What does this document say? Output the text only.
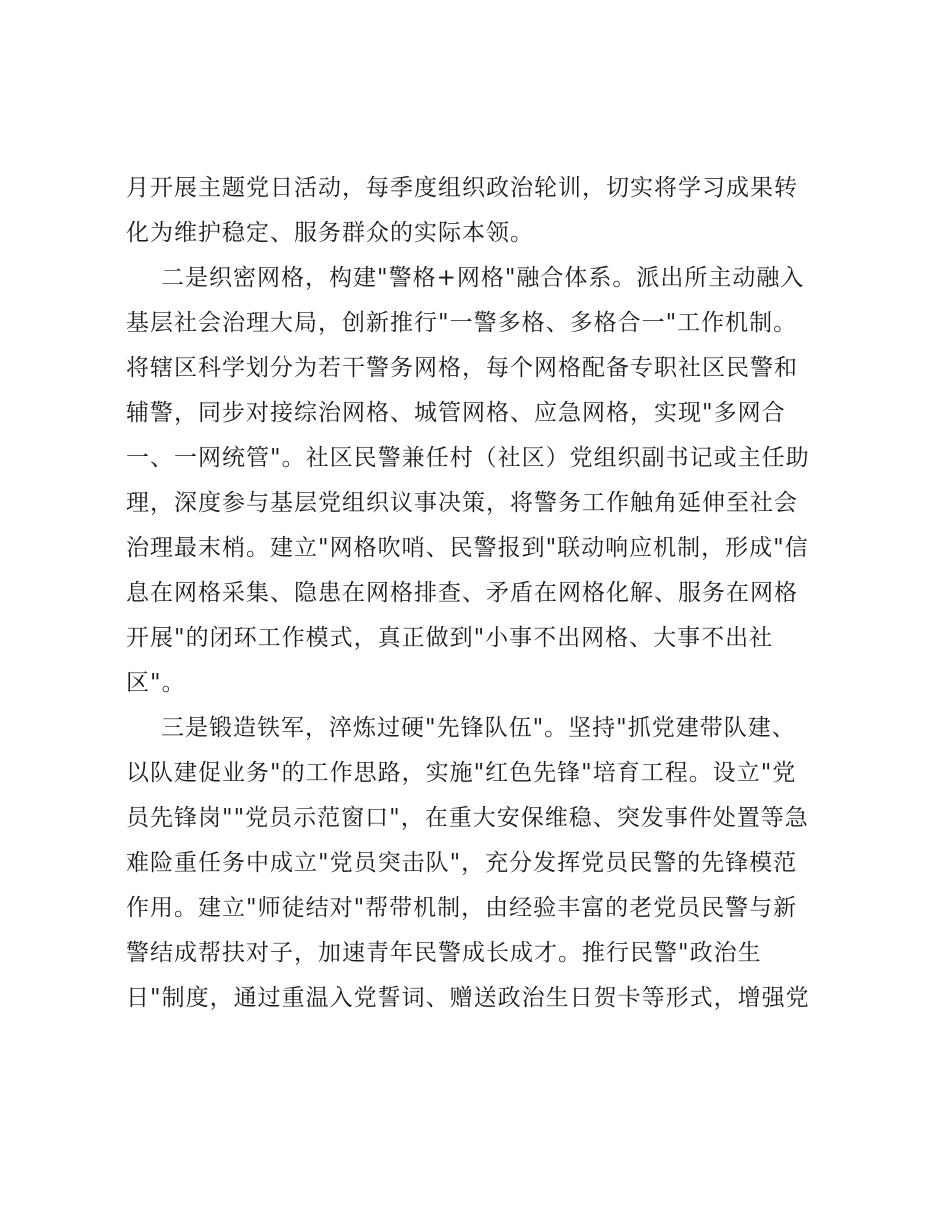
月开展主题党日活动，每季度组织政治轮训，切实将学习成果转
化为维护稳定、服务群众的实际本领。
二是织密网格，构建"警格+网格"融合体系。派出所主动融入
基层社会治理大局，创新推行"一警多格、多格合一"工作机制。
将辖区科学划分为若干警务网格，每个网格配备专职社区民警和
辅警，同步对接综治网格、城管网格、应急网格，实现"多网合
一、一网统管"。社区民警兼任村（社区）党组织副书记或主任助
理，深度参与基层党组织议事决策，将警务工作触角延伸至社会
治理最末梢。建立"网格吹哨、民警报到"联动响应机制，形成"信
息在网格采集、隐患在网格排查、矛盾在网格化解、服务在网格
开展"的闭环工作模式，真正做到"小事不出网格、大事不出社
区"。
三是锻造铁军，淬炼过硬"先锋队伍"。坚持"抓党建带队建、
以队建促业务"的工作思路，实施"红色先锋"培育工程。设立"党
员先锋岗""党员示范窗口"，在重大安保维稳、突发事件处置等急
难险重任务中成立"党员突击队"，充分发挥党员民警的先锋模范
作用。建立"师徒结对"帮带机制，由经验丰富的老党员民警与新
警结成帮扶对子，加速青年民警成长成才。推行民警"政治生
日"制度，通过重温入党誓词、赠送政治生日贺卡等形式，增强党
